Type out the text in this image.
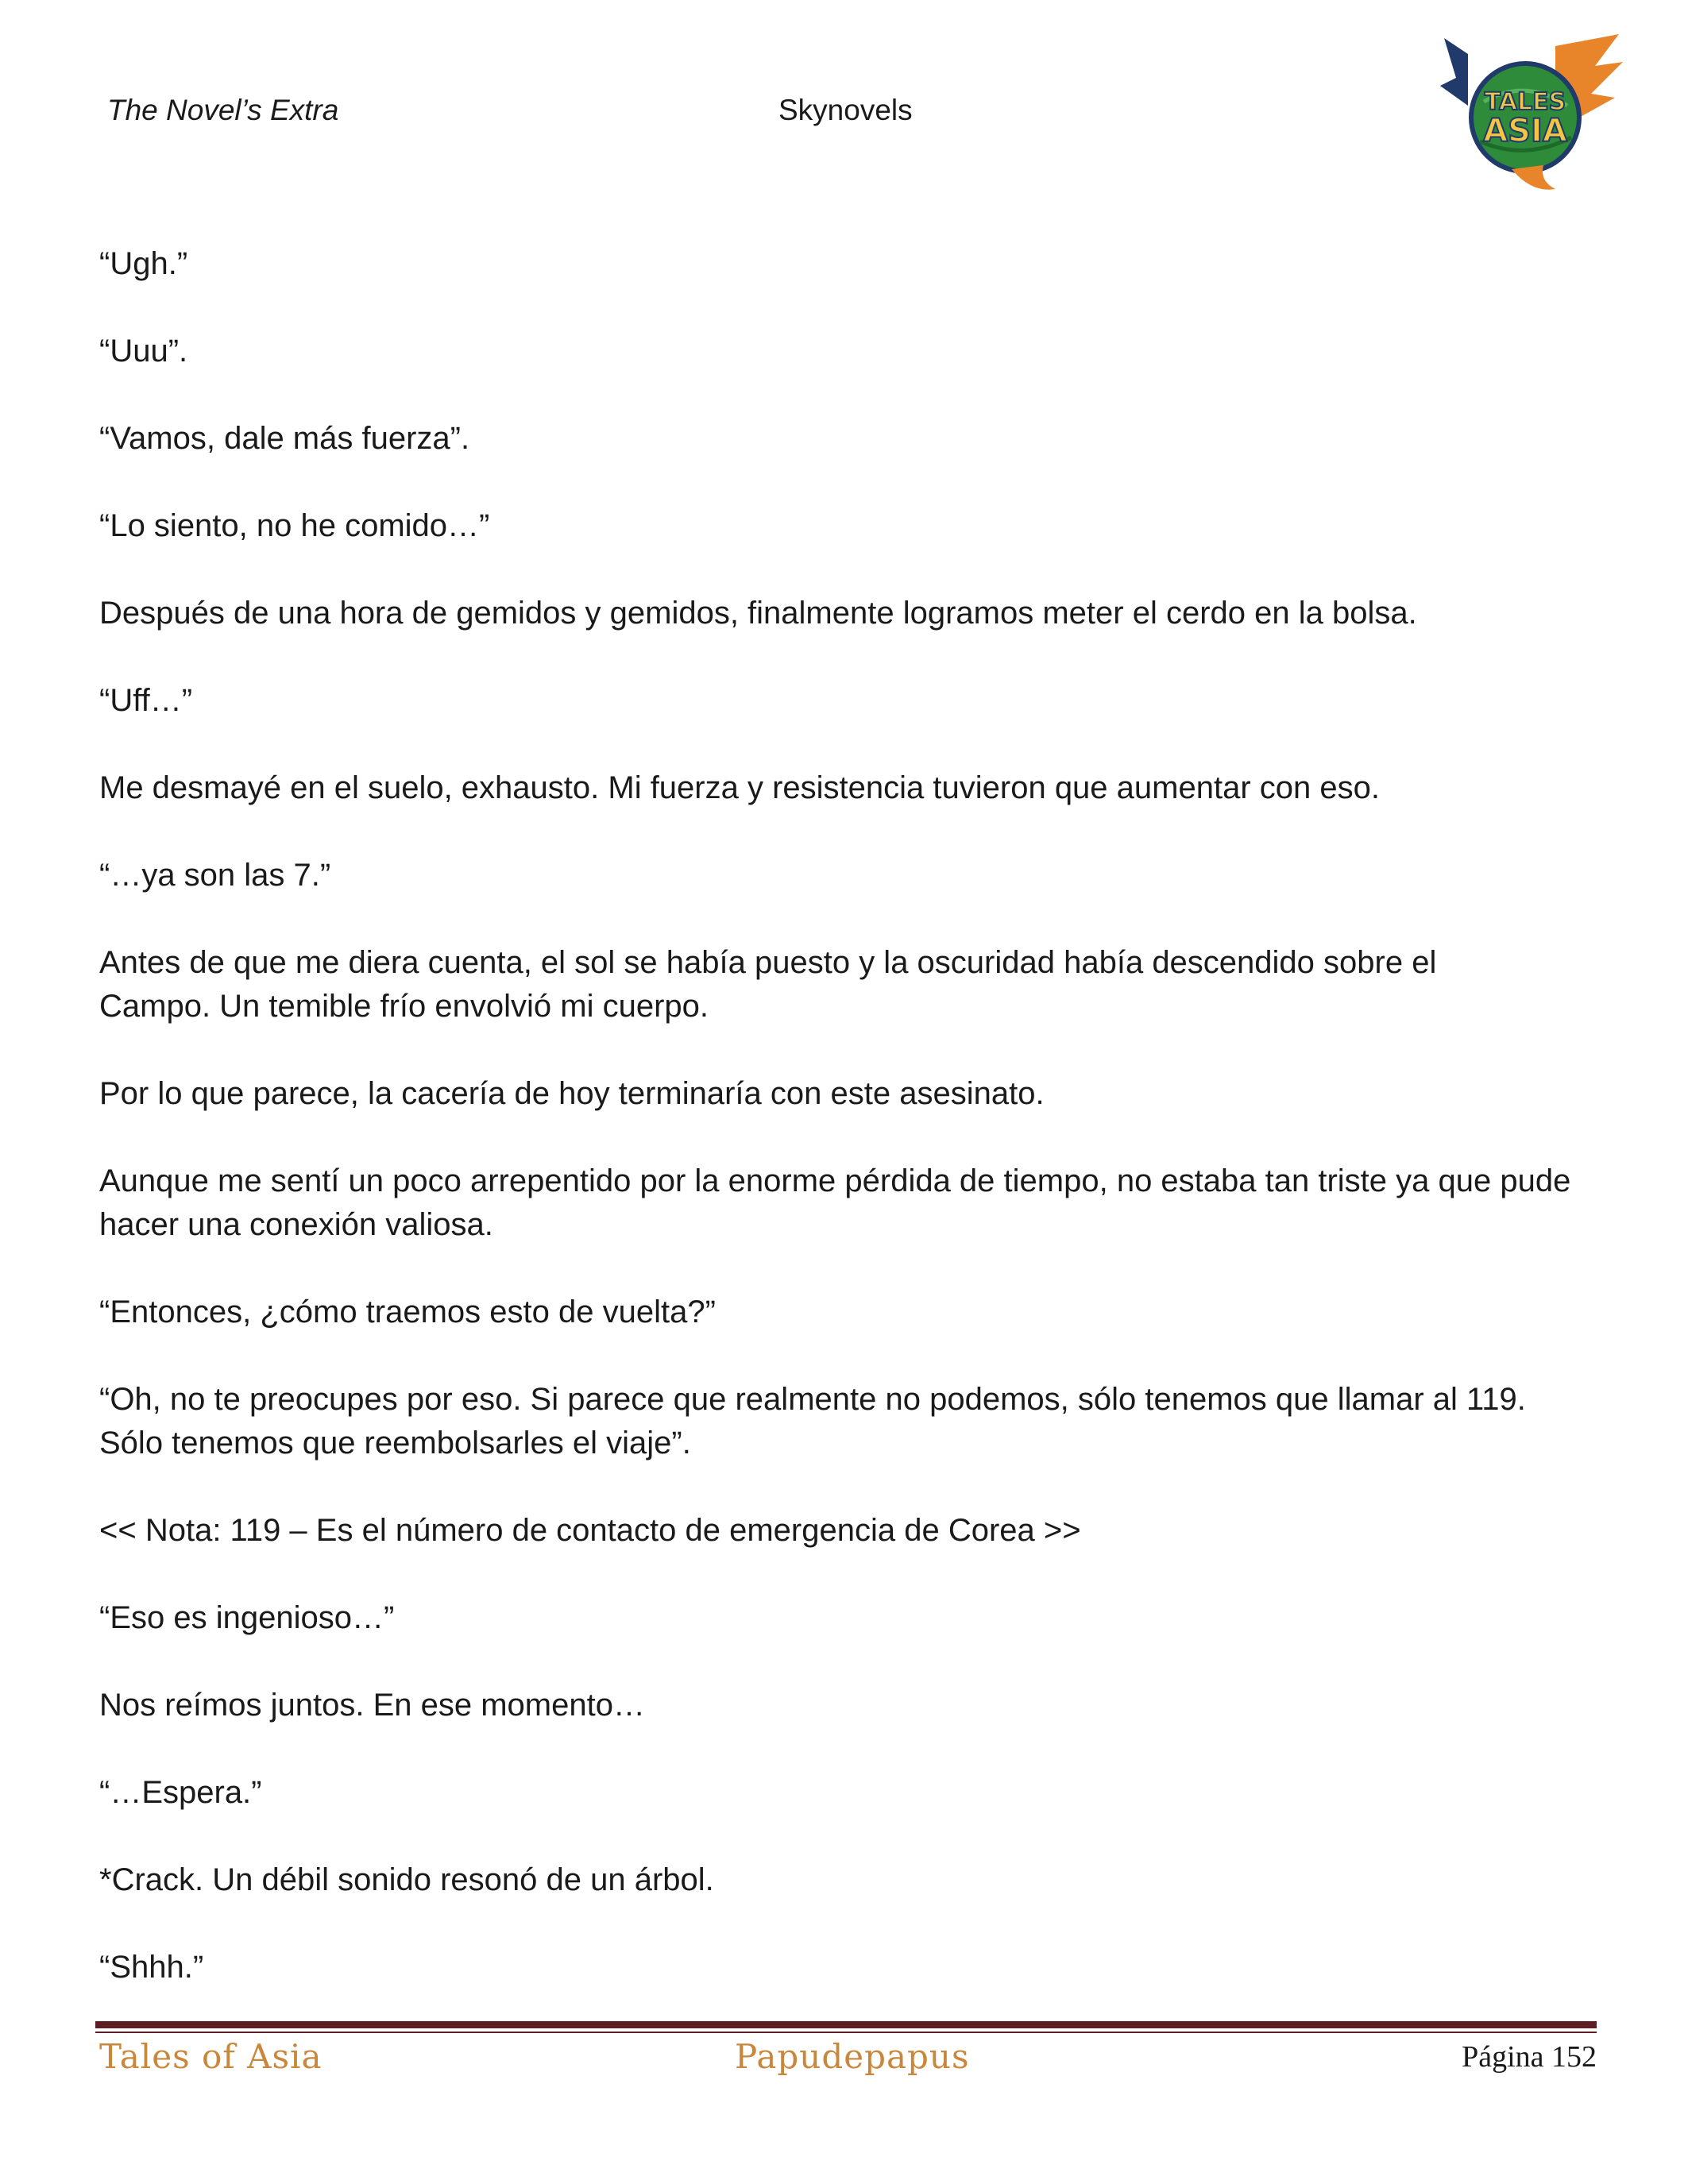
The Novel’s Extra	Skynovels	TALES
ASIA

“Ugh.”

“Uuu”.

“Vamos, dale más fuerza”.

“Lo siento, no he comido…”

Después de una hora de gemidos y gemidos, finalmente logramos meter el cerdo en la bolsa.

“Uff…”

Me desmayé en el suelo, exhausto. Mi fuerza y resistencia tuvieron que aumentar con eso.

“…ya son las 7.”

Antes de que me diera cuenta, el sol se había puesto y la oscuridad había descendido sobre el Campo. Un temible frío envolvió mi cuerpo.

Por lo que parece, la cacería de hoy terminaría con este asesinato.

Aunque me sentí un poco arrepentido por la enorme pérdida de tiempo, no estaba tan triste ya que pude hacer una conexión valiosa.

“Entonces, ¿cómo traemos esto de vuelta?”

“Oh, no te preocupes por eso. Si parece que realmente no podemos, sólo tenemos que llamar al 119. Sólo tenemos que reembolsarles el viaje”.

<< Nota: 119 – Es el número de contacto de emergencia de Corea >>

“Eso es ingenioso…”

Nos reímos juntos. En ese momento…

“…Espera.”

*Crack. Un débil sonido resonó de un árbol.

“Shhh.”

Tales of Asia	Papudepapus	Página 152
